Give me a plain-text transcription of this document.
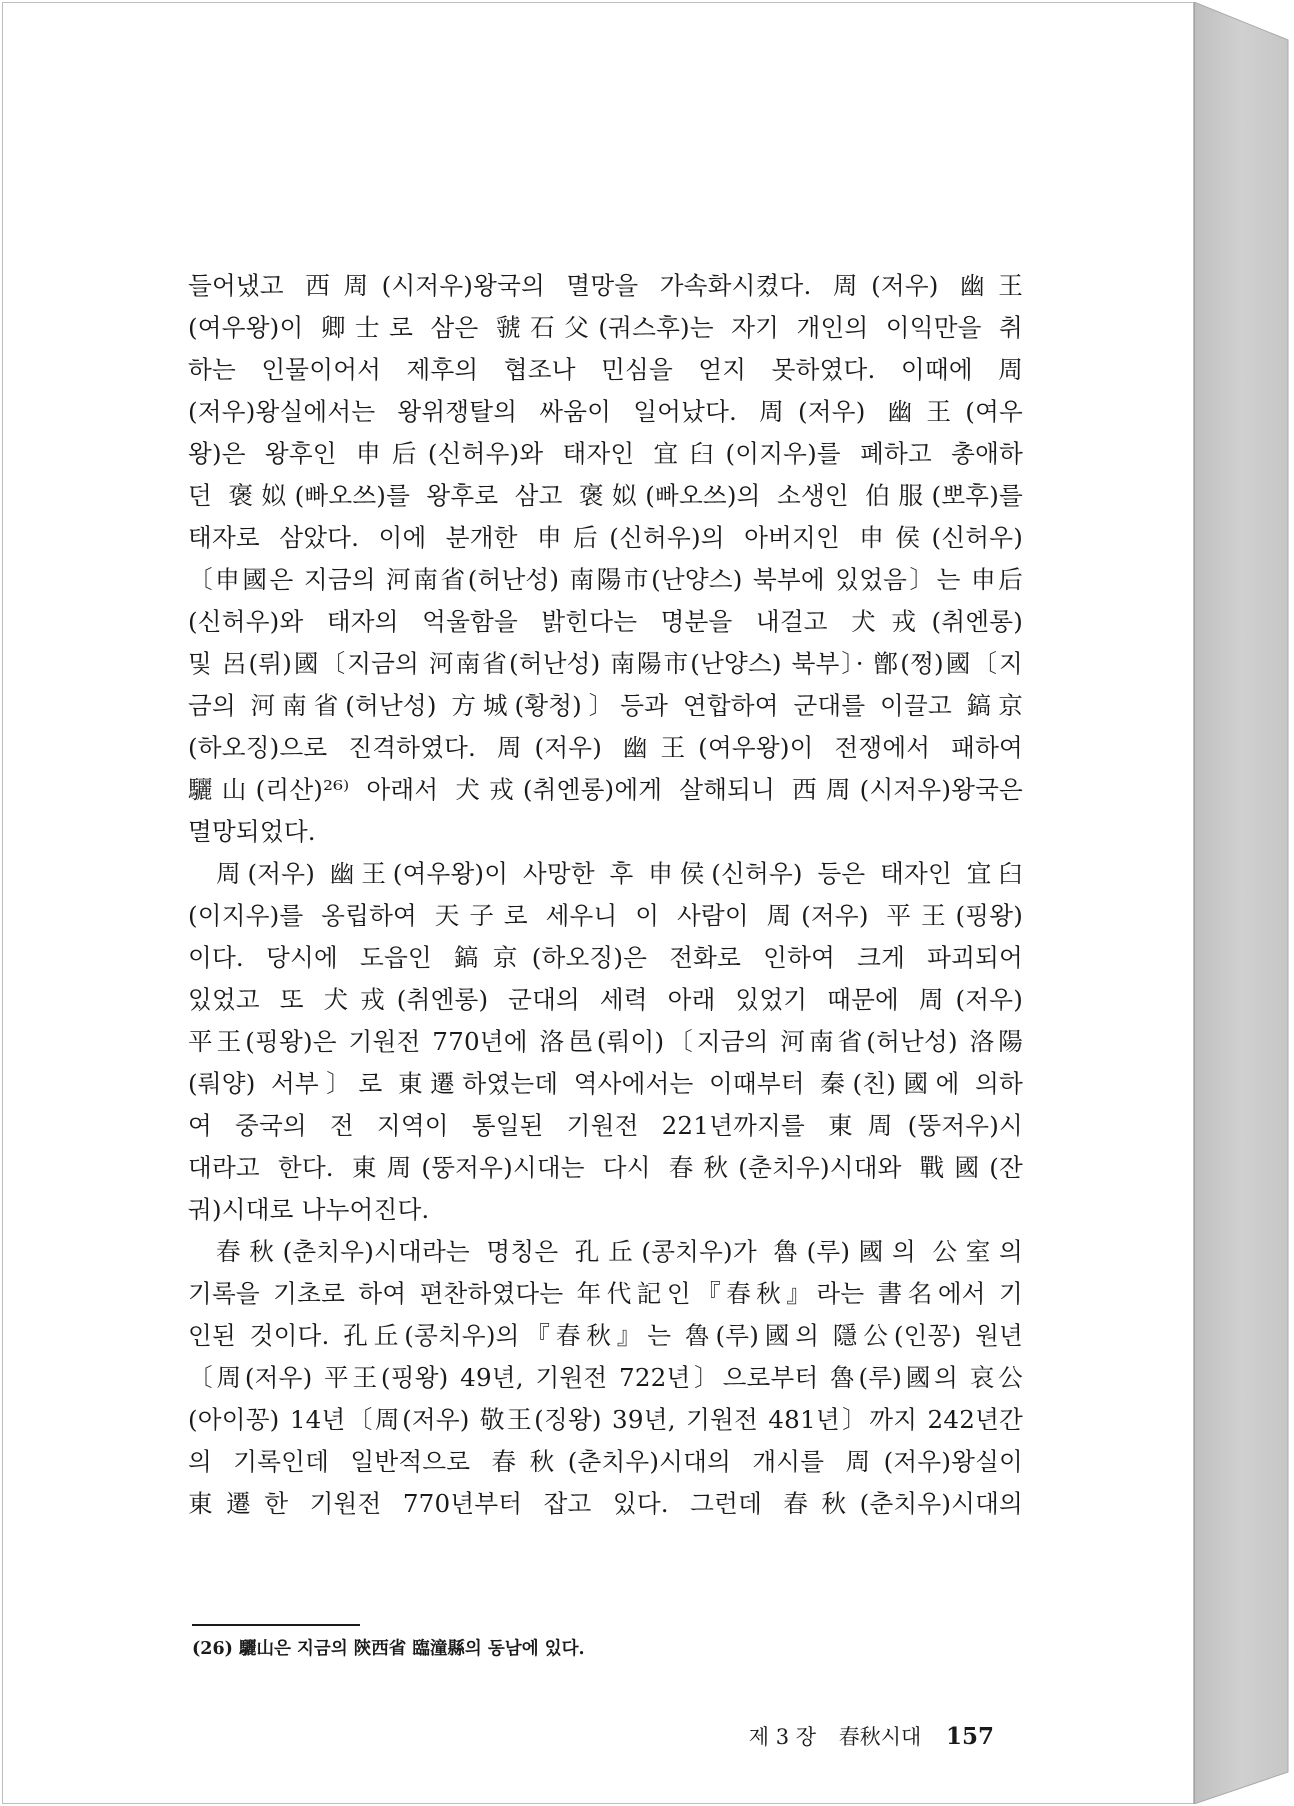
들어냈고 西周(시저우)왕국의 멸망을 가속화시켰다. 周(저우) 幽王
(여우왕)이 卿士로 삼은 虢石父(궈스후)는 자기 개인의 이익만을 취
하는 인물이어서 제후의 협조나 민심을 얻지 못하였다. 이때에 周
(저우)왕실에서는 왕위쟁탈의 싸움이 일어났다. 周(저우) 幽王(여우
왕)은 왕후인 申后(신허우)와 태자인 宜臼(이지우)를 폐하고 총애하
던 褒姒(빠오쓰)를 왕후로 삼고 褒姒(빠오쓰)의 소생인 伯服(뽀후)를
태자로 삼았다. 이에 분개한 申后(신허우)의 아버지인 申侯(신허우)
〔申國은 지금의 河南省(허난성) 南陽市(난양스) 북부에 있었음〕는 申后
(신허우)와 태자의 억울함을 밝힌다는 명분을 내걸고 犬戎(취엔롱)
및 呂(뤼)國〔지금의 河南省(허난성) 南陽市(난양스) 북부〕· 鄫(쩡)國〔지
금의 河南省(허난성) 方城(황청)〕등과 연합하여 군대를 이끌고 鎬京
(하오징)으로 진격하였다. 周(저우) 幽王(여우왕)이 전쟁에서 패하여
驪山(리산)²⁶⁾ 아래서 犬戎(취엔롱)에게 살해되니 西周(시저우)왕국은
멸망되었다.
周(저우) 幽王(여우왕)이 사망한 후 申侯(신허우) 등은 태자인 宜臼
(이지우)를 옹립하여 天子로 세우니 이 사람이 周(저우) 平王(핑왕)
이다. 당시에 도읍인 鎬京(하오징)은 전화로 인하여 크게 파괴되어
있었고 또 犬戎(취엔롱) 군대의 세력 아래 있었기 때문에 周(저우)
平王(핑왕)은 기원전 770년에 洛邑(뤄이)〔지금의 河南省(허난성) 洛陽
(뤄양) 서부〕로 東遷하였는데 역사에서는 이때부터 秦(친)國에 의하
여 중국의 전 지역이 통일된 기원전 221년까지를 東周(뚱저우)시
대라고 한다. 東周(뚱저우)시대는 다시 春秋(춘치우)시대와 戰國(잔
궈)시대로 나누어진다.
春秋(춘치우)시대라는 명칭은 孔丘(콩치우)가 魯(루)國의 公室의
기록을 기초로 하여 편찬하였다는 年代記인『春秋』라는 書名에서 기
인된 것이다. 孔丘(콩치우)의『春秋』는 魯(루)國의 隱公(인꽁) 원년
〔周(저우) 平王(핑왕) 49년, 기원전 722년〕으로부터 魯(루)國의 哀公
(아이꽁) 14년〔周(저우) 敬王(징왕) 39년, 기원전 481년〕까지 242년간
의 기록인데 일반적으로 春秋(춘치우)시대의 개시를 周(저우)왕실이
東遷한 기원전 770년부터 잡고 있다. 그런데 春秋(춘치우)시대의
(26) 驪山은 지금의 陝西省 臨潼縣의 동남에 있다.
제 3 장 春秋시대 157
